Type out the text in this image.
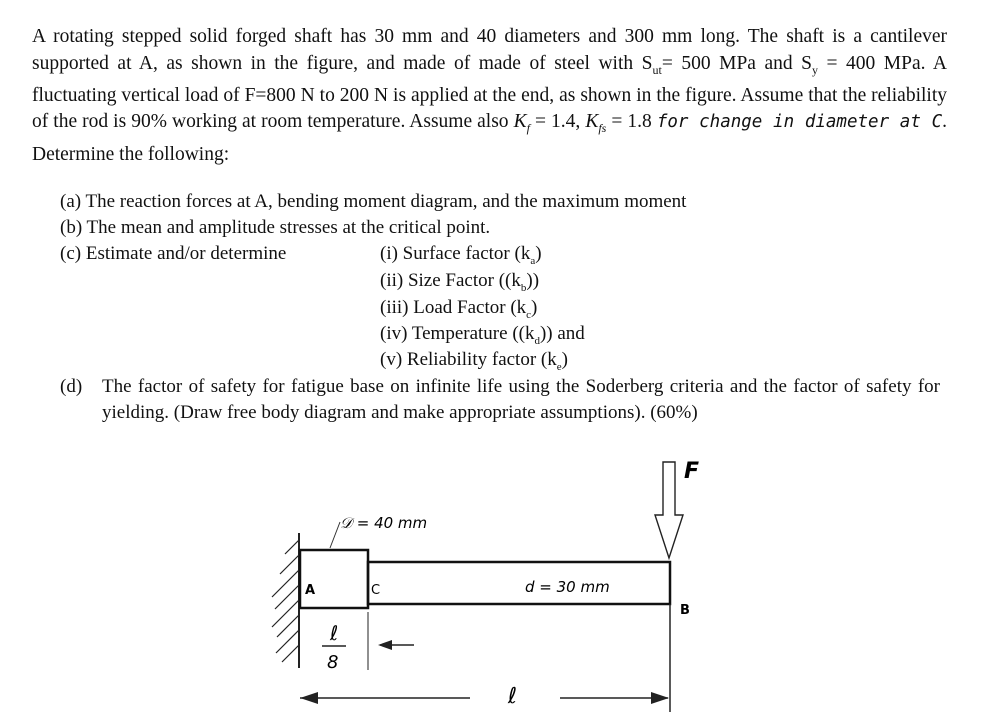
A rotating stepped solid forged shaft has 30 mm and 40 diameters and 300 mm long. The shaft is a cantilever supported at A, as shown in the figure, and made of made of steel with $S_{ut}= 500$ MPa and $S_y = 400$ MPa. A fluctuating vertical load of F=800 N to 200 N is applied at the end, as shown in the figure. Assume that the reliability of the rod is 90% working at room temperature. Assume also $K_f = 1.4$, $K_{fs} = 1.8$ for change in diameter at C. Determine the following:
(a) The reaction forces at A, bending moment diagram, and the maximum moment
(b) The mean and amplitude stresses at the critical point.
(c) Estimate and/or determine	(i) Surface factor $(k_a)$
(ii) Size Factor $((k_b))$
(iii) Load Factor $(k_c)$
(iv) Temperature $((k_d))$ and
(v) Reliability factor $(k_e)$
(d)	The factor of safety for fatigue base on infinite life using the Soderberg criteria and the factor of safety for yielding. (Draw free body diagram and make appropriate assumptions). (60%)
𝒟 = 40 mm
d = 30 mm
A	C
B
F
ℓ
8
ℓ
